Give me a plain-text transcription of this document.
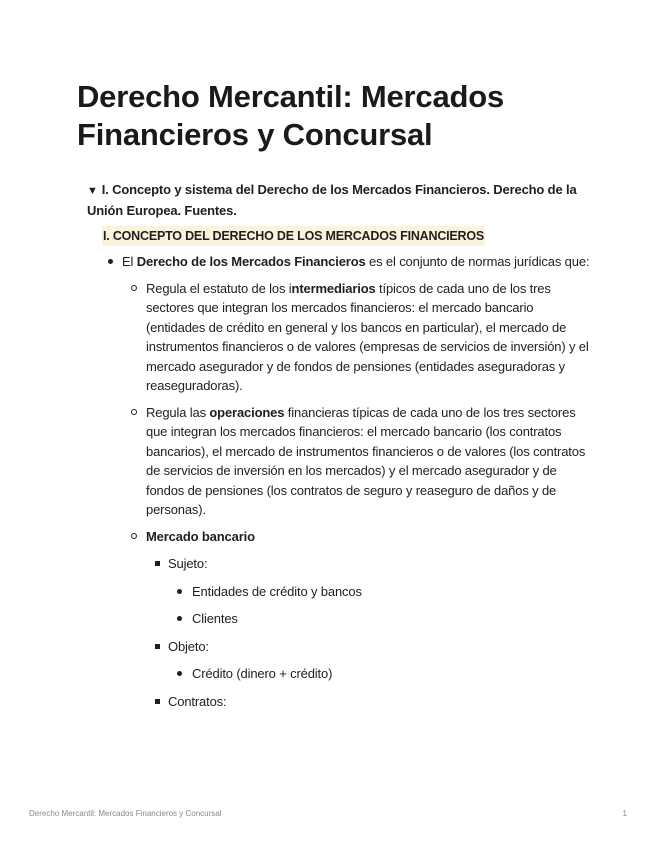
Derecho Mercantil: Mercados Financieros y Concursal
▼ I. Concepto y sistema del Derecho de los Mercados Financieros. Derecho de la Unión Europea. Fuentes.
I. CONCEPTO DEL DERECHO DE LOS MERCADOS FINANCIEROS
El Derecho de los Mercados Financieros es el conjunto de normas jurídicas que:
Regula el estatuto de los intermediarios típicos de cada uno de los tres sectores que integran los mercados financieros: el mercado bancario (entidades de crédito en general y los bancos en particular), el mercado de instrumentos financieros o de valores (empresas de servicios de inversión) y el mercado asegurador y de fondos de pensiones (entidades aseguradoras y reaseguradoras).
Regula las operaciones financieras típicas de cada uno de los tres sectores que integran los mercados financieros: el mercado bancario (los contratos bancarios), el mercado de instrumentos financieros o de valores (los contratos de servicios de inversión en los mercados) y el mercado asegurador y de fondos de pensiones (los contratos de seguro y reaseguro de daños y de personas).
Mercado bancario
Sujeto:
Entidades de crédito y bancos
Clientes
Objeto:
Crédito (dinero + crédito)
Contratos:
Derecho Mercantil: Mercados Financieros y Concursal	1
